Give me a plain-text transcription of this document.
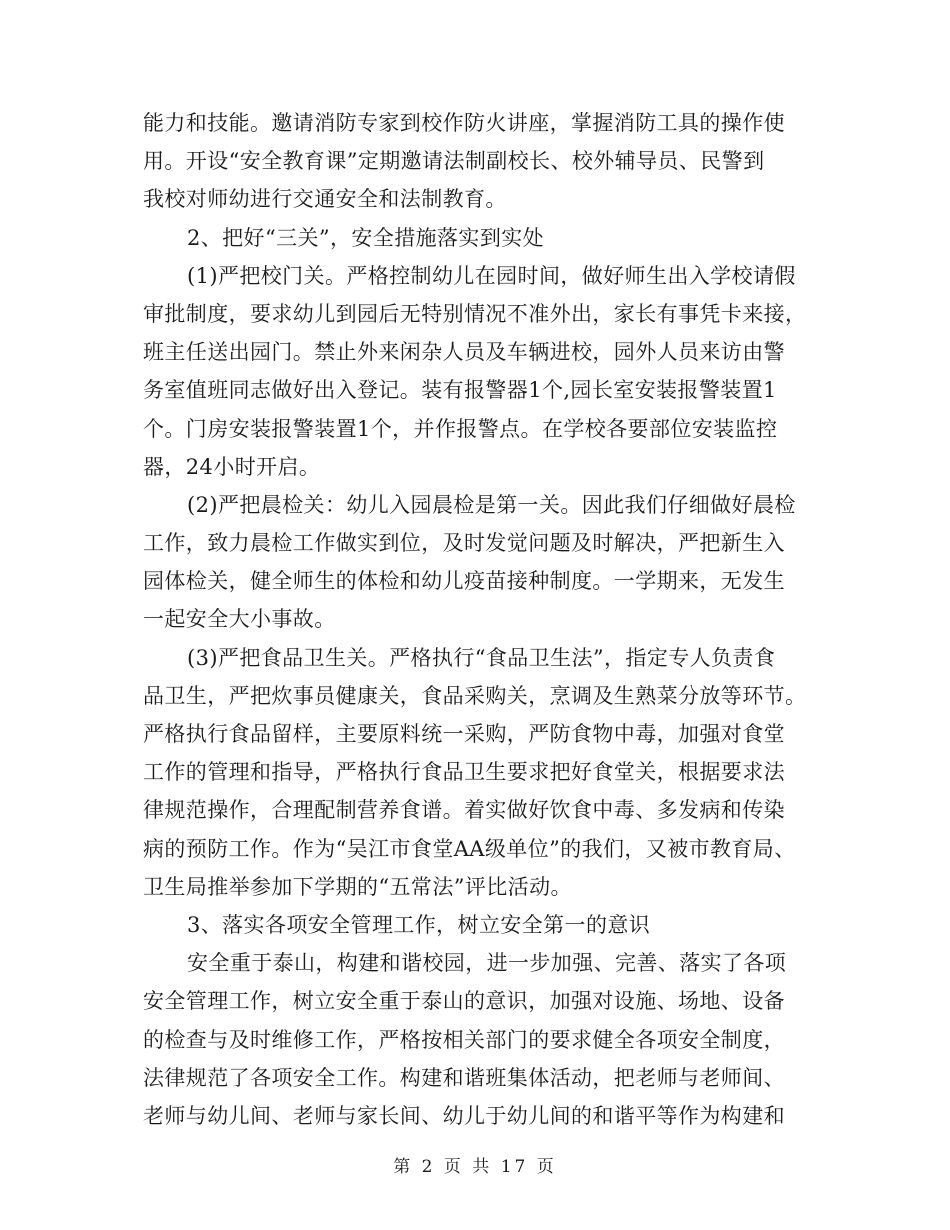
能力和技能。邀请消防专家到校作防火讲座，掌握消防工具的操作使
用。开设“安全教育课”定期邀请法制副校长、校外辅导员、民警到
我校对师幼进行交通安全和法制教育。
2、把好“三关”，安全措施落实到实处
(1)严把校门关。严格控制幼儿在园时间，做好师生出入学校请假
审批制度，要求幼儿到园后无特别情况不准外出，家长有事凭卡来接，
班主任送出园门。禁止外来闲杂人员及车辆进校，园外人员来访由警
务室值班同志做好出入登记。装有报警器1个,园长室安装报警装置1
个。门房安装报警装置1个，并作报警点。在学校各要部位安装监控
器，24小时开启。
(2)严把晨检关：幼儿入园晨检是第一关。因此我们仔细做好晨检
工作，致力晨检工作做实到位，及时发觉问题及时解决，严把新生入
园体检关，健全师生的体检和幼儿疫苗接种制度。一学期来，无发生
一起安全大小事故。
(3)严把食品卫生关。严格执行“食品卫生法”，指定专人负责食
品卫生，严把炊事员健康关，食品采购关，烹调及生熟菜分放等环节。
严格执行食品留样，主要原料统一采购，严防食物中毒，加强对食堂
工作的管理和指导，严格执行食品卫生要求把好食堂关，根据要求法
律规范操作，合理配制营养食谱。着实做好饮食中毒、多发病和传染
病的预防工作。作为“吴江市食堂AA级单位”的我们，又被市教育局、
卫生局推举参加下学期的“五常法”评比活动。
3、落实各项安全管理工作，树立安全第一的意识
安全重于泰山，构建和谐校园，进一步加强、完善、落实了各项
安全管理工作，树立安全重于泰山的意识，加强对设施、场地、设备
的检查与及时维修工作，严格按相关部门的要求健全各项安全制度，
法律规范了各项安全工作。构建和谐班集体活动，把老师与老师间、
老师与幼儿间、老师与家长间、幼儿于幼儿间的和谐平等作为构建和
第 2 页 共 17 页
